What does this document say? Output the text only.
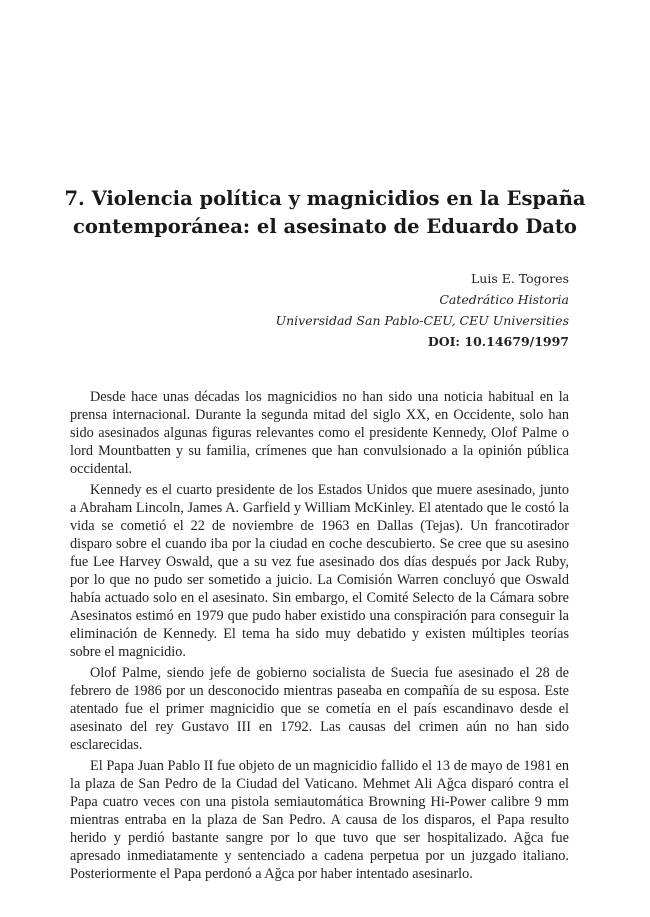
7. Violencia política y magnicidios en la España
contemporánea: el asesinato de Eduardo Dato
Luis E. Togores
Catedrático Historia
Universidad San Pablo-CEU, CEU Universities
DOI: 10.14679/1997

Desde hace unas décadas los magnicidios no han sido una noticia habitual en la prensa internacional. Durante la segunda mitad del siglo XX, en Occidente, solo han sido asesinados algunas figuras relevantes como el presidente Kennedy, Olof Palme o lord Mountbatten y su familia, crímenes que han convulsionado a la opinión pública occidental.

Kennedy es el cuarto presidente de los Estados Unidos que muere asesinado, junto a Abraham Lincoln, James A. Garfield y William McKinley. El atentado que le costó la vida se cometió el 22 de noviembre de 1963 en Dallas (Tejas). Un francotirador disparo sobre el cuando iba por la ciudad en coche descubierto. Se cree que su asesino fue Lee Harvey Oswald, que a su vez fue asesinado dos días después por Jack Ruby, por lo que no pudo ser sometido a juicio. La Comisión Warren concluyó que Oswald había actuado solo en el asesinato. Sin embargo, el Comité Selecto de la Cámara sobre Asesinatos estimó en 1979 que pudo haber existido una conspiración para conseguir la eliminación de Kennedy. El tema ha sido muy debatido y existen múltiples teorías sobre el magnicidio.

Olof Palme, siendo jefe de gobierno socialista de Suecia fue asesinado el 28 de febrero de 1986 por un desconocido mientras paseaba en compañía de su esposa. Este atentado fue el primer magnicidio que se cometía en el país escandinavo desde el asesinato del rey Gustavo III en 1792. Las causas del crimen aún no han sido esclarecidas.

El Papa Juan Pablo II fue objeto de un magnicidio fallido el 13 de mayo de 1981 en la plaza de San Pedro de la Ciudad del Vaticano. Mehmet Ali Ağca disparó contra el Papa cuatro veces con una pistola semiautomática Browning Hi-Power calibre 9 mm mientras entraba en la plaza de San Pedro. A causa de los disparos, el Papa resulto herido y perdió bastante sangre por lo que tuvo que ser hospitalizado. Ağca fue apresado inmediatamente y sentenciado a cadena perpetua por un juzgado italiano. Posteriormente el Papa perdonó a Ağca por haber intentado asesinarlo.
